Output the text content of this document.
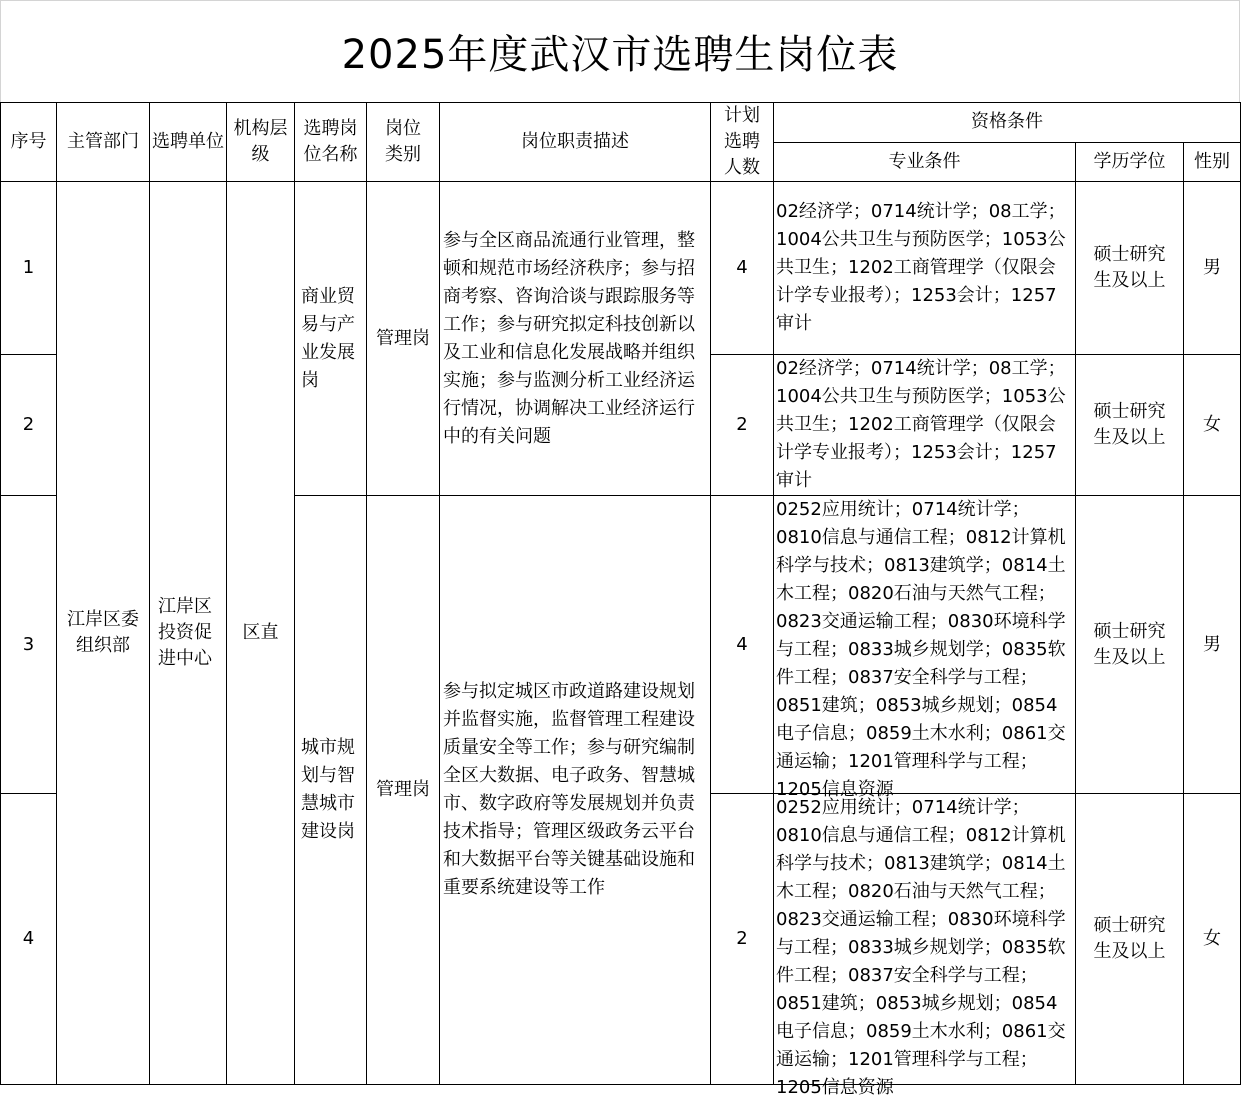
2025年度武汉市选聘生岗位表
序号	主管部门	选聘单位	机构层级	选聘岗位名称	岗位类别	岗位职责描述	计划选聘人数	资格条件		
								专业条件	学历学位	性别
1	江岸区委组织部	江岸区投资促进中心	区直	商业贸易与产业发展岗	管理岗	参与全区商品流通行业管理，整顿和规范市场经济秩序；参与招商考察、咨询洽谈与跟踪服务等工作；参与研究拟定科技创新以及工业和信息化发展战略并组织实施；参与监测分析工业经济运行情况，协调解决工业经济运行中的有关问题	4	02经济学；0714统计学；08工学；1004公共卫生与预防医学；1053公共卫生；1202工商管理学（仅限会计学专业报考）；1253会计；1257审计	硕士研究生及以上	男
2							2	02经济学；0714统计学；08工学；1004公共卫生与预防医学；1053公共卫生；1202工商管理学（仅限会计学专业报考）；1253会计；1257审计	硕士研究生及以上	女
3				城市规划与智慧城市建设岗	管理岗	参与拟定城区市政道路建设规划并监督实施，监督管理工程建设质量安全等工作；参与研究编制全区大数据、电子政务、智慧城市、数字政府等发展规划并负责技术指导；管理区级政务云平台和大数据平台等关键基础设施和重要系统建设等工作	4	0252应用统计；0714统计学；0810信息与通信工程；0812计算机科学与技术；0813建筑学；0814土木工程；0820石油与天然气工程；0823交通运输工程；0830环境科学与工程；0833城乡规划学；0835软件工程；0837安全科学与工程；0851建筑；0853城乡规划；0854电子信息；0859土木水利；0861交通运输；1201管理科学与工程；1205信息资源	硕士研究生及以上	男
4							2	0252应用统计；0714统计学；0810信息与通信工程；0812计算机科学与技术；0813建筑学；0814土木工程；0820石油与天然气工程；0823交通运输工程；0830环境科学与工程；0833城乡规划学；0835软件工程；0837安全科学与工程；0851建筑；0853城乡规划；0854电子信息；0859土木水利；0861交通运输；1201管理科学与工程；1205信息资源	硕士研究生及以上	女
